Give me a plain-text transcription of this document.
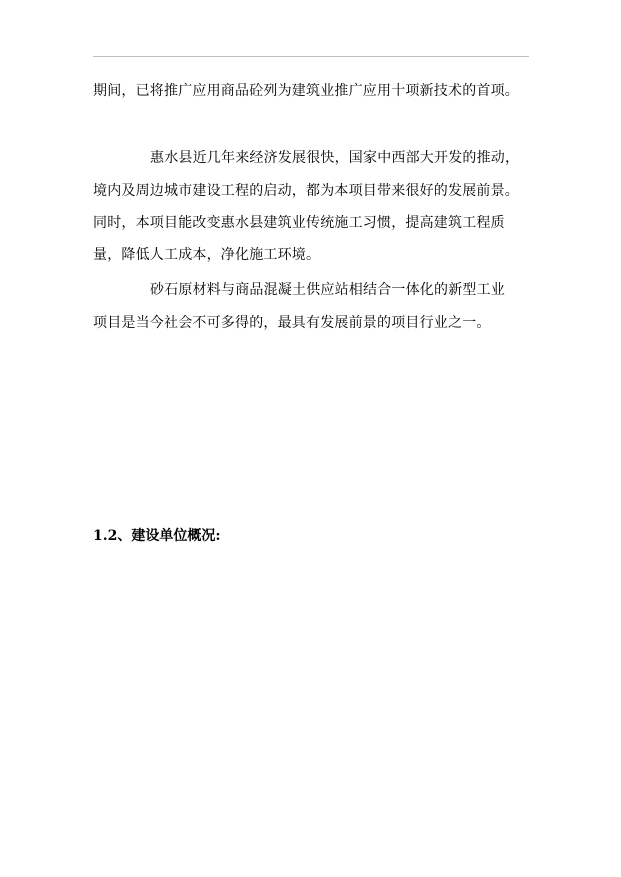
期间，已将推广应用商品砼列为建筑业推广应用十项新技术的首项。
惠水县近几年来经济发展很快，国家中西部大开发的推动，
境内及周边城市建设工程的启动，都为本项目带来很好的发展前景。
同时，本项目能改变惠水县建筑业传统施工习惯，提高建筑工程质
量，降低人工成本，净化施工环境。
砂石原材料与商品混凝土供应站相结合一体化的新型工业
项目是当今社会不可多得的，最具有发展前景的项目行业之一。
1.2、建设单位概况:
